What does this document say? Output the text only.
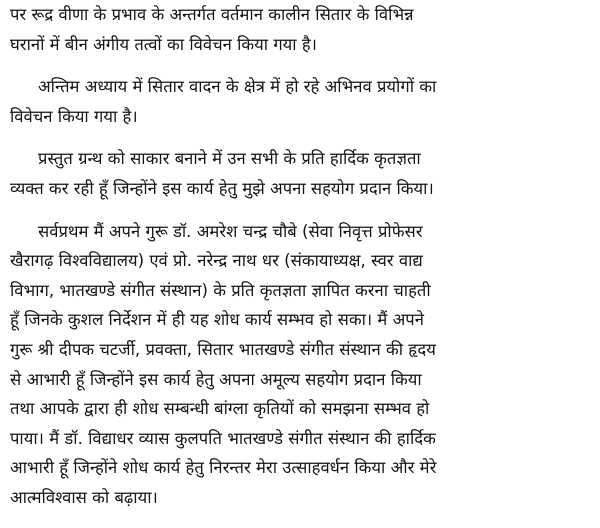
पर रूद्र वीणा के प्रभाव के अन्तर्गत वर्तमान कालीन सितार के विभिन्न
घरानों में बीन अंगीय तत्वों का विवेचन किया गया है।

अन्तिम अध्याय में सितार वादन के क्षेत्र में हो रहे अभिनव प्रयोगों का
विवेचन किया गया है।

प्रस्तुत ग्रन्थ को साकार बनाने में उन सभी के प्रति हार्दिक कृतज्ञता
व्यक्त कर रही हूँ जिन्होंने इस कार्य हेतु मुझे अपना सहयोग प्रदान किया।

सर्वप्रथम मैं अपने गुरू डॉ. अमरेश चन्द्र चौबे (सेवा निवृत्त प्रोफेसर
खैरागढ़ विश्वविद्यालय) एवं प्रो. नरेन्द्र नाथ धर (संकायाध्यक्ष, स्वर वाद्य
विभाग, भातखण्डे संगीत संस्थान) के प्रति कृतज्ञता ज्ञापित करना चाहती
हूँ जिनके कुशल निर्देशन में ही यह शोध कार्य सम्भव हो सका। मैं अपने
गुरू श्री दीपक चटर्जी, प्रवक्ता, सितार भातखण्डे संगीत संस्थान की हृदय
से आभारी हूँ जिन्होंने इस कार्य हेतु अपना अमूल्य सहयोग प्रदान किया
तथा आपके द्वारा ही शोध सम्बन्धी बांग्ला कृतियों को समझना सम्भव हो
पाया। मैं डॉ. विद्याधर व्यास कुलपति भातखण्डे संगीत संस्थान की हार्दिक
आभारी हूँ जिन्होंने शोध कार्य हेतु निरन्तर मेरा उत्साहवर्धन किया और मेरे
आत्मविश्वास को बढ़ाया।
